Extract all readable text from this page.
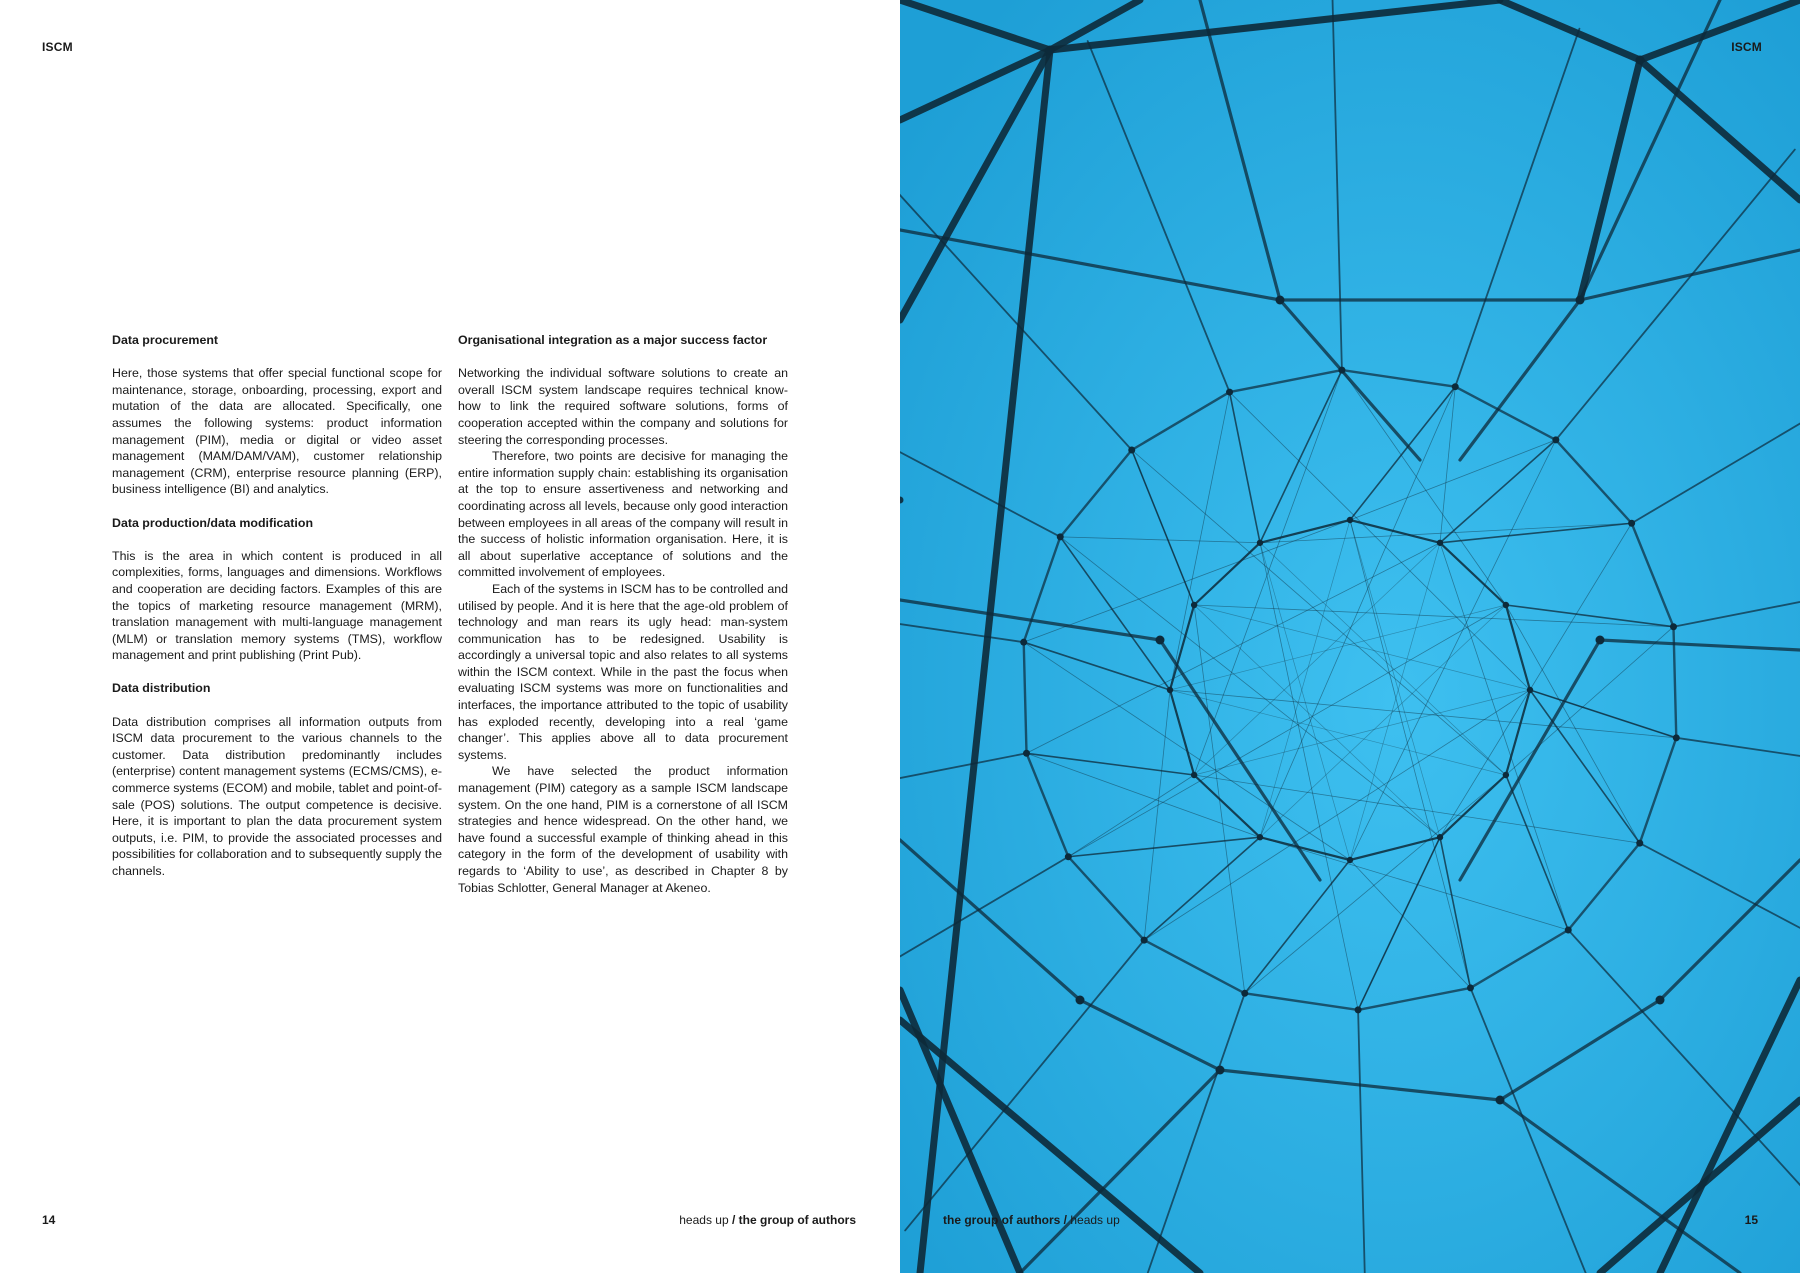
ISCM
Data procurement

Here, those systems that offer special functional scope for maintenance, storage, onboarding, processing, export and mutation of the data are allocated. Specifically, one assumes the following systems: product information management (PIM), media or digital or video asset management (MAM/DAM/VAM), customer relationship management (CRM), enterprise resource planning (ERP), business intelligence (BI) and analytics.

Data production/data modification

This is the area in which content is produced in all complexities, forms, languages and dimensions. Workflows and cooperation are deciding factors. Examples of this are the topics of marketing resource management (MRM), translation management with multi-language management (MLM) or translation memory systems (TMS), workflow management and print publishing (Print Pub).

Data distribution

Data distribution comprises all information outputs from ISCM data procurement to the various channels to the customer. Data distribution predominantly includes (enterprise) content management systems (ECMS/CMS), e-commerce systems (ECOM) and mobile, tablet and point-of-sale (POS) solutions. The output competence is decisive. Here, it is important to plan the data procurement system outputs, i.e. PIM, to provide the associated processes and possibilities for collaboration and to subsequently supply the channels.

Organisational integration as a major success factor

Networking the individual software solutions to create an overall ISCM system landscape requires technical know-how to link the required software solutions, forms of cooperation accepted within the company and solutions for steering the corresponding processes.

Therefore, two points are decisive for managing the entire information supply chain: establishing its organisation at the top to ensure assertiveness and networking and coordinating across all levels, because only good interaction between employees in all areas of the company will result in the success of holistic information organisation. Here, it is all about superlative acceptance of solutions and the committed involvement of employees.

Each of the systems in ISCM has to be controlled and utilised by people. And it is here that the age-old problem of technology and man rears its ugly head: man-system communication has to be redesigned. Usability is accordingly a universal topic and also relates to all systems within the ISCM context. While in the past the focus when evaluating ISCM systems was more on functionalities and interfaces, the importance attributed to the topic of usability has exploded recently, developing into a real ‘game changer’. This applies above all to data procurement systems.

We have selected the product information management (PIM) category as a sample ISCM landscape system. On the one hand, PIM is a cornerstone of all ISCM strategies and hence widespread. On the other hand, we have found a successful example of thinking ahead in this category in the form of the development of usability with regards to ‘Ability to use’, as described in Chapter 8 by Tobias Schlotter, General Manager at Akeneo.

14	heads up / the group of authors
ISCM
the group of authors / heads up	15
